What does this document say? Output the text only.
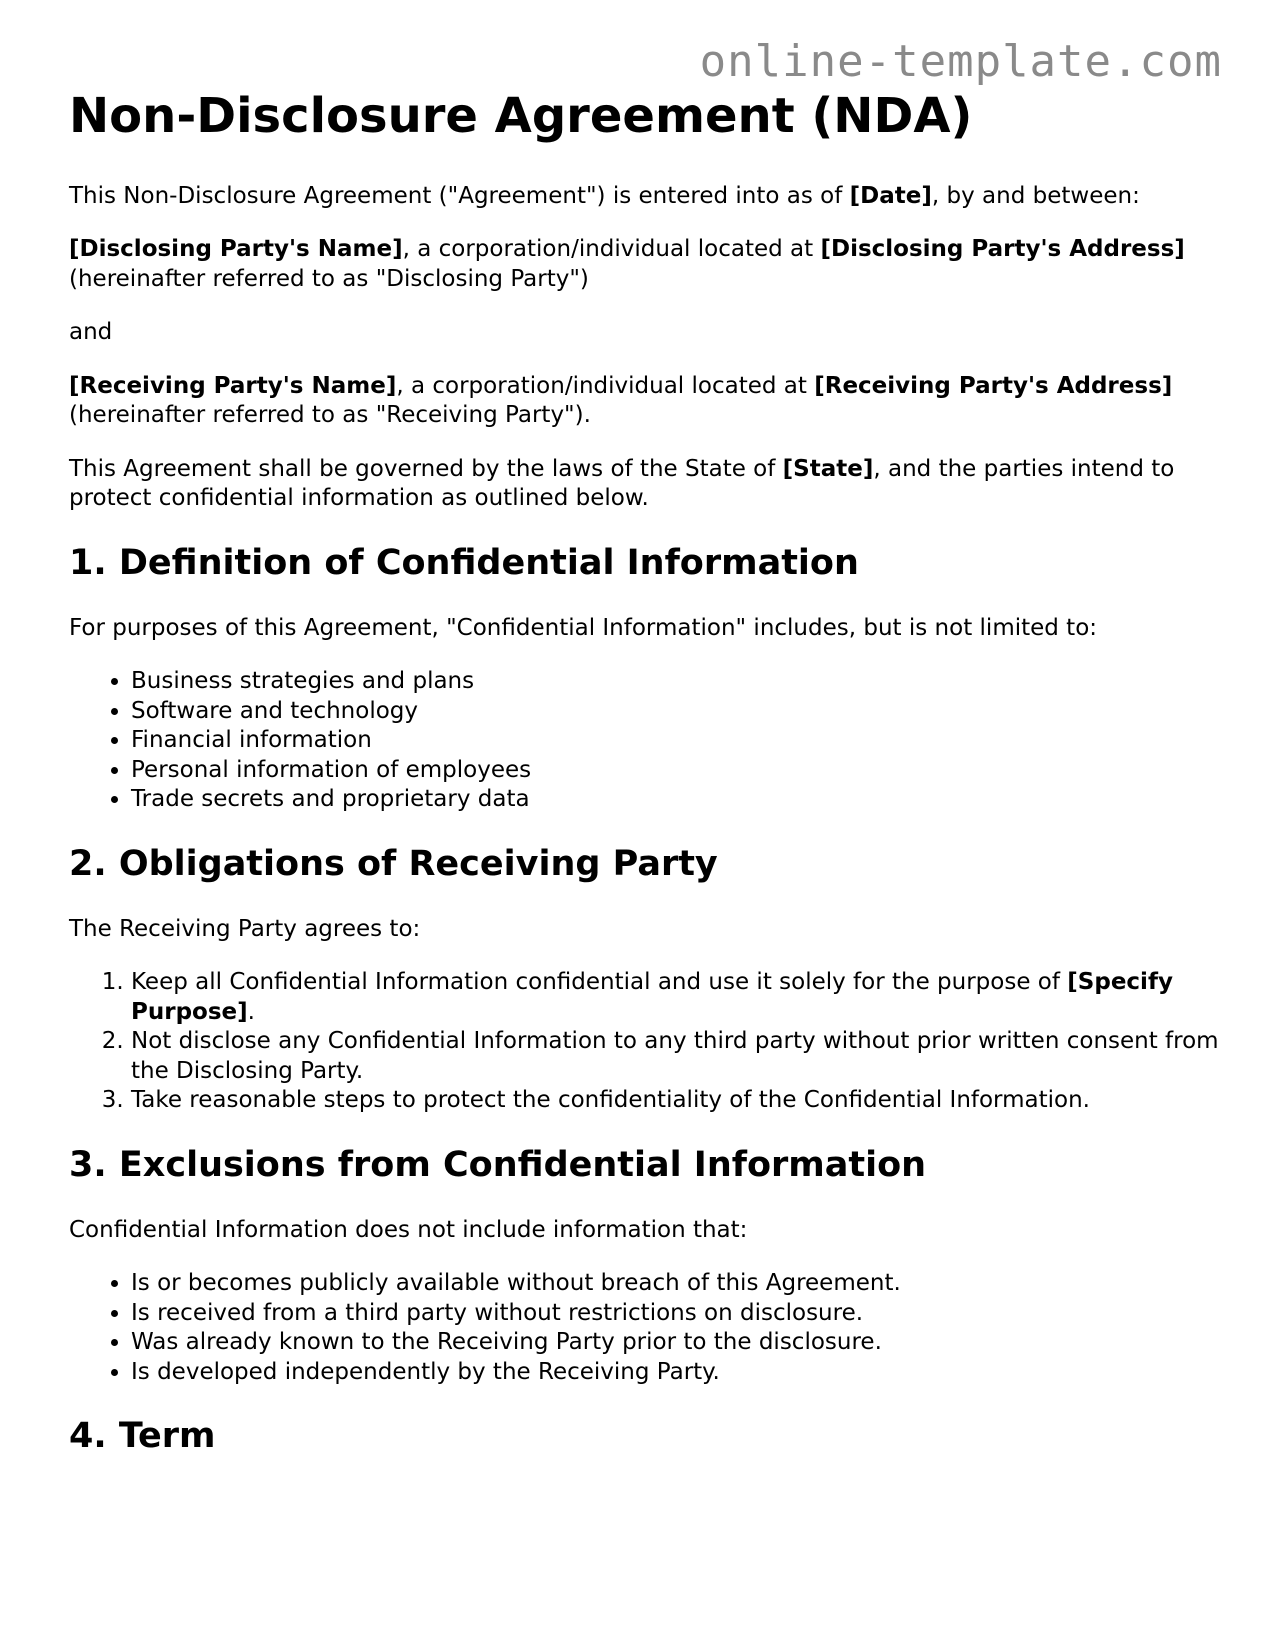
online-template.com
Non-Disclosure Agreement (NDA)

This Non-Disclosure Agreement ("Agreement") is entered into as of [Date], by and between:

[Disclosing Party's Name], a corporation/individual located at [Disclosing Party's Address] (hereinafter referred to as "Disclosing Party")

and

[Receiving Party's Name], a corporation/individual located at [Receiving Party's Address] (hereinafter referred to as "Receiving Party").

This Agreement shall be governed by the laws of the State of [State], and the parties intend to protect confidential information as outlined below.

1. Definition of Confidential Information

For purposes of this Agreement, "Confidential Information" includes, but is not limited to:

• Business strategies and plans
• Software and technology
• Financial information
• Personal information of employees
• Trade secrets and proprietary data
2. Obligations of Receiving Party

The Receiving Party agrees to:

1. Keep all Confidential Information confidential and use it solely for the purpose of [Specify Purpose].
2. Not disclose any Confidential Information to any third party without prior written consent from the Disclosing Party.
3. Take reasonable steps to protect the confidentiality of the Confidential Information.
3. Exclusions from Confidential Information

Confidential Information does not include information that:

• Is or becomes publicly available without breach of this Agreement.
• Is received from a third party without restrictions on disclosure.
• Was already known to the Receiving Party prior to the disclosure.
• Is developed independently by the Receiving Party.
4. Term
